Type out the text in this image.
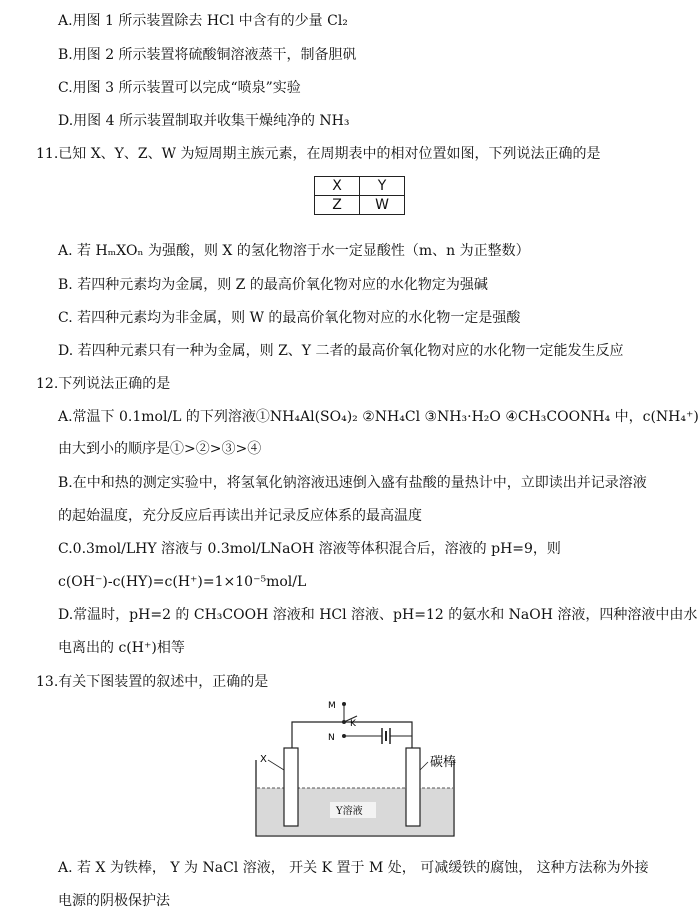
A.用图 1 所示装置除去 HCl 中含有的少量 Cl₂
B.用图 2 所示装置将硫酸铜溶液蒸干，制备胆矾
C.用图 3 所示装置可以完成“喷泉”实验
D.用图 4 所示装置制取并收集干燥纯净的 NH₃
11.已知 X、Y、Z、W 为短周期主族元素，在周期表中的相对位置如图，下列说法正确的是
X	Y
Z	W
A. 若 HₘXOₙ 为强酸，则 X 的氢化物溶于水一定显酸性（m、n 为正整数）
B. 若四种元素均为金属，则 Z 的最高价氧化物对应的水化物定为强碱
C. 若四种元素均为非金属，则 W 的最高价氧化物对应的水化物一定是强酸
D. 若四种元素只有一种为金属，则 Z、Y 二者的最高价氧化物对应的水化物一定能发生反应
12.下列说法正确的是
A.常温下 0.1mol/L 的下列溶液①NH₄Al(SO₄)₂ ②NH₄Cl ③NH₃·H₂O ④CH₃COONH₄ 中，c(NH₄⁺)
由大到小的顺序是①>②>③>④
B.在中和热的测定实验中，将氢氧化钠溶液迅速倒入盛有盐酸的量热计中，立即读出并记录溶液
的起始温度，充分反应后再读出并记录反应体系的最高温度
C.0.3mol/LHY 溶液与 0.3mol/LNaOH 溶液等体积混合后，溶液的 pH=9，则
c(OH⁻)-c(HY)=c(H⁺)=1×10⁻⁵mol/L
D.常温时，pH=2 的 CH₃COOH 溶液和 HCl 溶液、pH=12 的氨水和 NaOH 溶液，四种溶液中由水
电离出的 c(H⁺)相等
13.有关下图装置的叙述中，正确的是
M
K
N
X	碳棒
Y溶液
A. 若 X 为铁棒， Y 为 NaCl 溶液， 开关 K 置于 M 处， 可减缓铁的腐蚀， 这种方法称为外接
电源的阴极保护法
